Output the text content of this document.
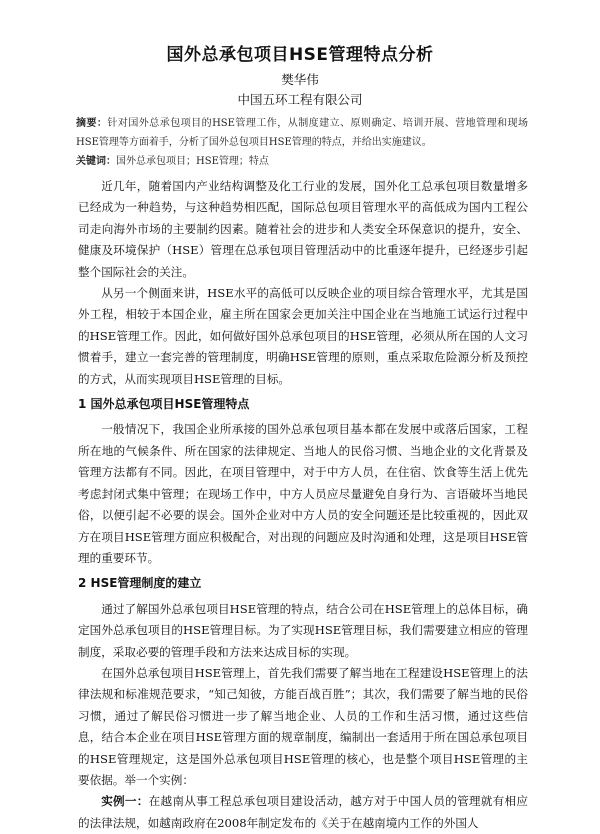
国外总承包项目HSE管理特点分析
樊华伟
中国五环工程有限公司
摘要：针对国外总承包项目的HSE管理工作，从制度建立、原则确定、培训开展、营地管理和现场HSE管理等方面着手，分析了国外总包项目HSE管理的特点，并给出实施建议。
关键词：国外总承包项目；HSE管理；特点

近几年，随着国内产业结构调整及化工行业的发展，国外化工总承包项目数量增多已经成为一种趋势，与这种趋势相匹配，国际总包项目管理水平的高低成为国内工程公司走向海外市场的主要制约因素。随着社会的进步和人类安全环保意识的提升，安全、健康及环境保护（HSE）管理在总承包项目管理活动中的比重逐年提升，已经逐步引起整个国际社会的关注。

从另一个侧面来讲，HSE水平的高低可以反映企业的项目综合管理水平，尤其是国外工程，相较于本国企业，雇主所在国家会更加关注中国企业在当地施工试运行过程中的HSE管理工作。因此，如何做好国外总承包项目的HSE管理，必须从所在国的人文习惯着手，建立一套完善的管理制度，明确HSE管理的原则，重点采取危险源分析及预控的方式，从而实现项目HSE管理的目标。

1 国外总承包项目HSE管理特点

一般情况下，我国企业所承接的国外总承包项目基本都在发展中或落后国家，工程所在地的气候条件、所在国家的法律规定、当地人的民俗习惯、当地企业的文化背景及管理方法都有不同。因此，在项目管理中，对于中方人员，在住宿、饮食等生活上优先考虑封闭式集中管理；在现场工作中，中方人员应尽量避免自身行为、言语破坏当地民俗，以便引起不必要的误会。国外企业对中方人员的安全问题还是比较重视的，因此双方在项目HSE管理方面应积极配合，对出现的问题应及时沟通和处理，这是项目HSE管理的重要环节。

2 HSE管理制度的建立

通过了解国外总承包项目HSE管理的特点，结合公司在HSE管理上的总体目标，确定国外总承包项目的HSE管理目标。为了实现HSE管理目标，我们需要建立相应的管理制度，采取必要的管理手段和方法来达成目标的实现。

在国外总承包项目HSE管理上，首先我们需要了解当地在工程建设HSE管理上的法律法规和标准规范要求，“知己知彼，方能百战百胜”；其次，我们需要了解当地的民俗习惯，通过了解民俗习惯进一步了解当地企业、人员的工作和生活习惯，通过这些信息，结合本企业在项目HSE管理方面的规章制度，编制出一套适用于所在国总承包项目的HSE管理规定，这是国外总承包项目HSE管理的核心，也是整个项目HSE管理的主要依据。举一个实例：

实例一：在越南从事工程总承包项目建设活动，越方对于中国人员的管理就有相应的法律法规，如越南政府在2008年制定发布的《关于在越南境内工作的外国人
